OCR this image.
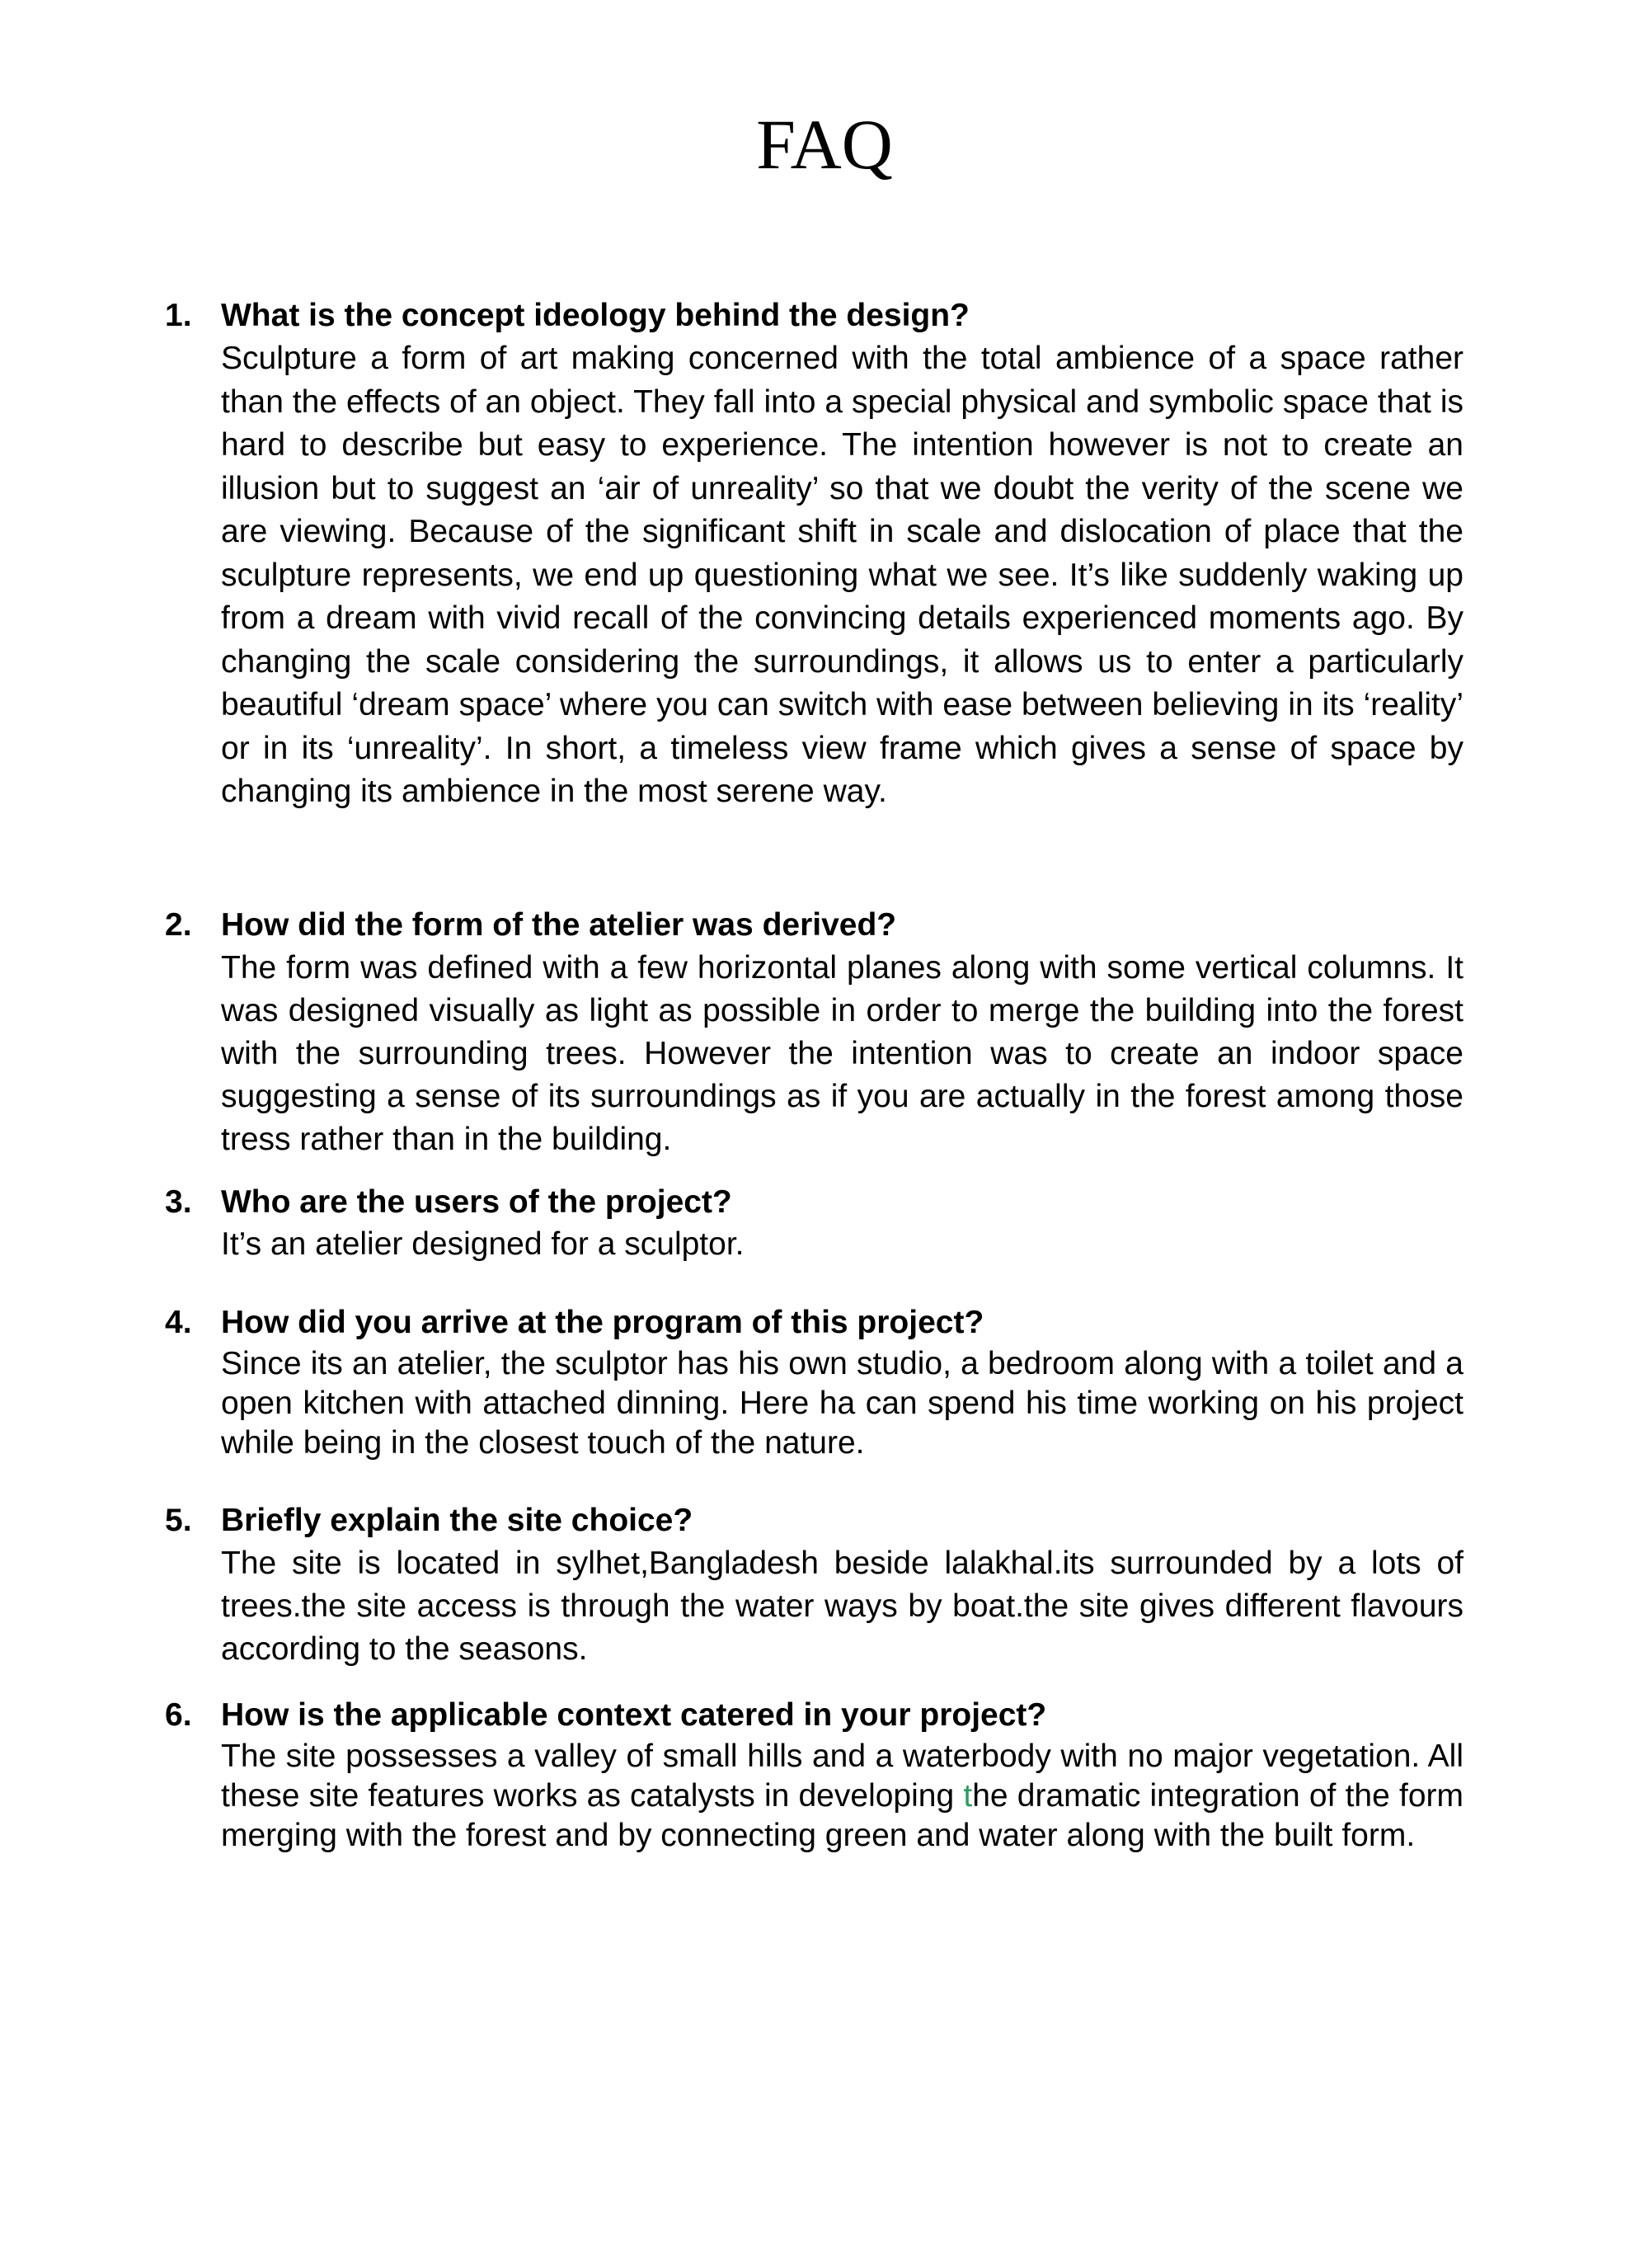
FAQ
1. What is the concept ideology behind the design?

Sculpture a form of art making concerned with the total ambience of a space rather than the effects of an object. They fall into a special physical and symbolic space that is hard to describe but easy to experience. The intention however is not to create an illusion but to suggest an ‘air of unreality’ so that we doubt the verity of the scene we are viewing. Because of the significant shift in scale and dislocation of place that the sculpture represents, we end up questioning what we see. It’s like suddenly waking up from a dream with vivid recall of the convincing details experienced moments ago. By changing the scale considering the surroundings, it allows us to enter a particularly beautiful ‘dream space’ where you can switch with ease between believing in its ‘reality’ or in its ‘unreality’. In short, a timeless view frame which gives a sense of space by changing its ambience in the most serene way.

2. How did the form of the atelier was derived?

The form was defined with a few horizontal planes along with some vertical columns. It was designed visually as light as possible in order to merge the building into the forest with the surrounding trees. However the intention was to create an indoor space suggesting a sense of its surroundings as if you are actually in the forest among those tress rather than in the building.

3. Who are the users of the project?

It’s an atelier designed for a sculptor.

4. How did you arrive at the program of this project?

Since its an atelier, the sculptor has his own studio, a bedroom along with a toilet and a open kitchen with attached dinning. Here ha can spend his time working on his project while being in the closest touch of the nature.

5. Briefly explain the site choice?

The site is located in sylhet,Bangladesh beside lalakhal.its surrounded by a lots of trees.the site access is through the water ways by boat.the site gives different flavours according to the seasons.

6. How is the applicable context catered in your project?

The site possesses a valley of small hills and a waterbody with no major vegetation. All these site features works as catalysts in developing the dramatic integration of the form merging with the forest and by connecting green and water along with the built form.
